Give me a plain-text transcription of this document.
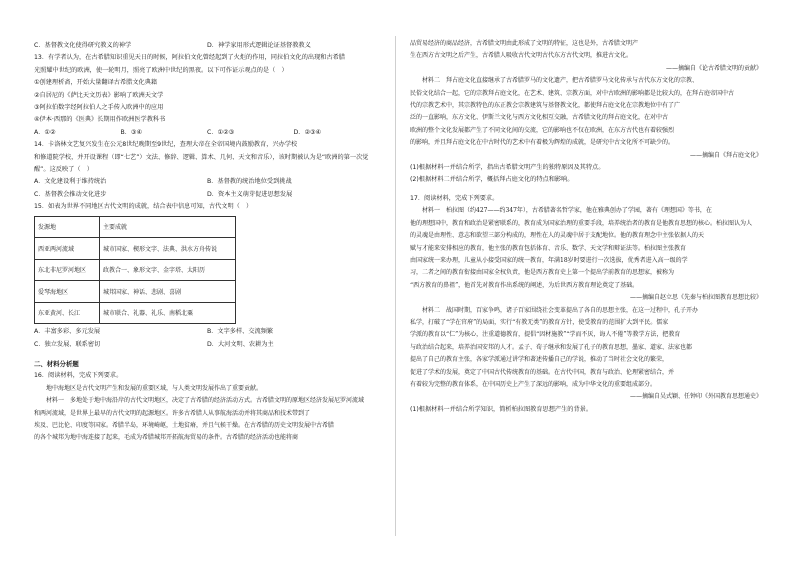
C．基督教文化使得研究教义的神学	D．神学家用形式逻辑论证基督教教义
13．有学者认为，在古希腊知识重见天日的时候，阿拉伯文化曾经起到了火炬的作用，同拉伯文化的出现和古希腊
光照耀中世纪的欧洲，使一轮明月，照亮了欧洲中世纪的黑夜。以下可作证示观点的是（　）
①创建理析斋，开始大量翻译古希腊文化典籍
②自居尼的《萨比天文历表》影响了欧洲天文学
③阿拉伯数字经阿拉伯人之手传入欧洲中的应用
④伊本·西那的《医典》长期用作欧洲医学教科书
A．①②	B．③④	C．①②③	D．②③④
14．卡洛林文艺复兴发生在公元8世纪晚期至9世纪，查理大帝在全帝国境内鼓励教育，兴办学校
和修道院学校，并开设课程（即“七艺”）文法、修辞、逻辑、算术、几何、天文和音乐），该时期被认为是“欧洲的第一次觉
醒”。这反映了（　）
A．文化建设利于维持统治	B．基督教的统治地位受到挑战
C．基督教会推动文化进步	D．资本主义萌芽促进思想发展
15．如表为世界不同地区古代文明的成就，结合表中信息可知，古代文明（　）
发源地	主要成就
西亚两河流域	城市国家、楔形文字、法典、洪水方舟传说
东北非尼罗河地区	政教合一、象形文字、金字塔、太阳历
爱琴海地区	城邦国家、神话、悲剧、喜剧
东亚黄河、长江	城市联合、礼器、礼乐、南稻北粟
A．丰富多彩、多元发展	B．文字多样、交流频繁
C．独立发展、联系密切	D．大河文明、农耕为主
二、材料分析题
16．阅读材料，完成下列要求。
地中海地区是古代文明产生和发展的重要区域，与人类文明发展作出了重要贡献。
材料一　多地处于地中海沿岸的古代文明地区，决定了古希腊的经济活动方式。古希腊文明的原地区经济发展尼罗河流域
和两河流域，是世界上最早的古代文明的起源地区。许多古希腊人从事航海活动并将其商品和技术带到了
埃及、巴比伦、印度等国家。希腊半岛，环境崎岖，土地贫瘠，并且气候干燥。在古希腊的历史文明发展中古希腊
的各个城邦为地中海连接了起来，毛成为希腊城邦开拓航海贸易的条件。古希腊的经济活动也能将商
品贸易经济的商品经济，古希腊文明由此形成了文明的特征，这也是外，古希腊文明产
生在西方古文明之后产生，古希腊人吸收古代文明古代东方古代文明，推进古文化。
——摘编自《论古希腊文明的贡献》
材料二　拜占庭文化直接继承了古希腊罗马的文化遗产，把古希腊罗马文化传承与古代东方文化的宗教、
民俗文化结合一起，它的宗教拜占庭文化，在艺术、建筑、宗教方面，对中古欧洲的影响都是比较大的，在拜占庭帝国中古
代的宗教艺术中，其宗教特色的东正教会宗教建筑与基督教文化，都使拜占庭文化在宗教地位中有了广
泛的一直影响，东方文化、伊斯兰文化与西方文化相互交融，古希腊文化的拜占庭文化，在对中古
欧洲的整个文化发展都产生了不同文化间的交流，它的影响也不仅在欧洲，在东方古代也有着较强烈
的影响，并且拜占庭文化在中古时代的艺术中有着极为辉煌的成就，是研究中古文化所不可缺少的。
——摘编自《拜占庭文化》
(1)根据材料一并结合所学，指出古希腊文明产生的独特原因及其特点。
(2)根据材料二并结合所学，概括拜占庭文化的特点和影响。
17．阅读材料，完成下列要求。
材料一　柏拉图（约427——约347年），古希腊著名哲学家，他在雅典创办了学园，著有《理想国》等书，在
他的理想国中，教育和政治是紧密联系的，教育成为国家治理的重要手段，培养统治者的教育是他教育思想的核心。柏拉图认为人
的灵魂是由理性、意志和欲望三部分构成的，理性在人的灵魂中居于支配地位。他的教育理念中主张依据人的天
赋与才能来安排相应的教育，他主张的教育包括体育、音乐、数学、天文学和辩证法等。柏拉图主张教育
由国家统一来办理，儿童从小接受国家的统一教育，年满18岁时要进行一次选拔，优秀者进入高一级的学
习，二者之间的教育衔接由国家全权负责，他是西方教育史上第一个提出学前教育的思想家，被称为
“西方教育的鼻祖”，他首先对教育作出系统的阐述，为后世西方教育理论奠定了基础。
——摘编自赵立思《先秦与柏拉图教育思想比较》
材料二　战国时期，百家争鸣，诸子百家围绕社会变革提出了各自的思想主张，在这一过程中，孔子开办
私学，打破了“学在官府”的局面，实行“有教无类”的教育方针，使受教育的范围扩大到平民。儒家
学派的教育以“仁”为核心，注重道德教育，提倡“因材施教”“学而不厌，诲人不倦”等教学方法，把教育
与政治结合起来，培养治国安邦的人才。孟子、荀子继承和发展了孔子的教育思想，墨家、道家、法家也都
提出了自己的教育主张，各家学派通过讲学和著述传播自己的学说，推动了当时社会文化的繁荣，
促进了学术的发展，奠定了中国古代传统教育的基础。在古代中国，教育与政治、伦理紧密结合，并
有着较为完整的教育体系，在中国历史上产生了深远的影响，成为中华文化的重要组成部分。
——摘编自吴式颖、任钟印《外国教育思想通史》
(1)根据材料一并结合所学知识，简析柏拉图教育思想产生的背景。
